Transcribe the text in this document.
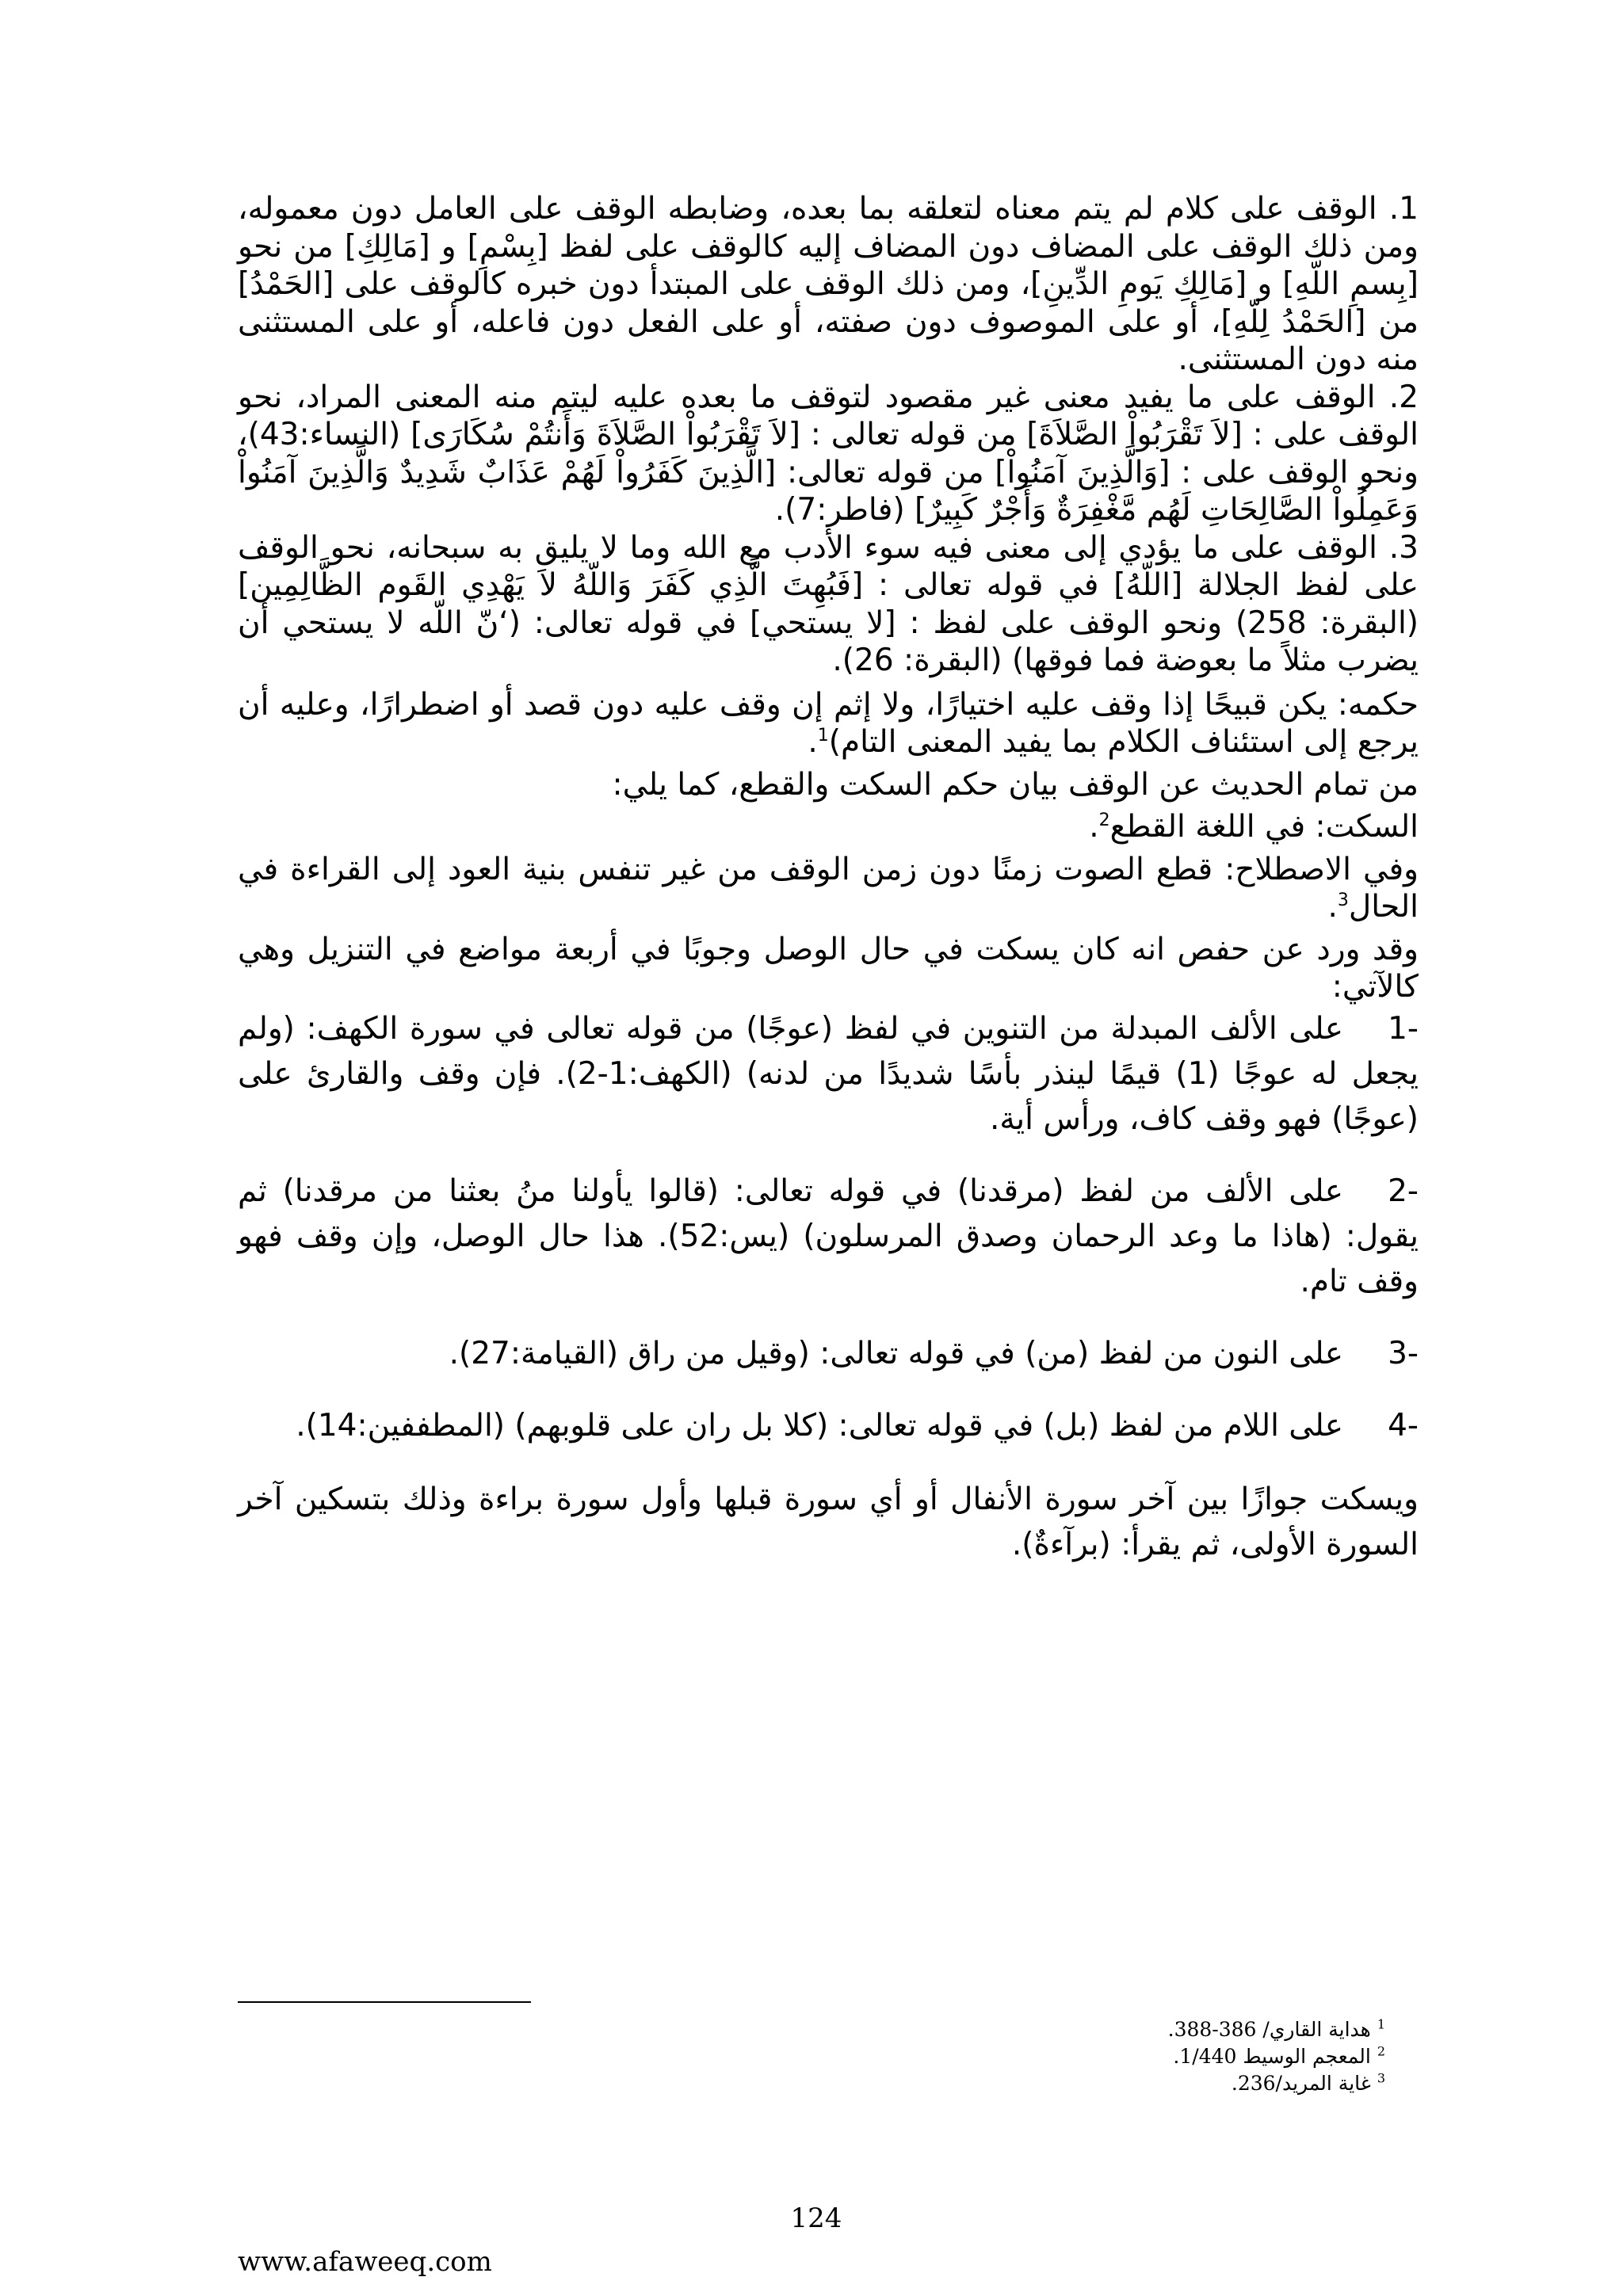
1. الوقف على كلام لم يتم معناه لتعلقه بما بعده، وضابطه الوقف على العامل دون معموله، ومن ذلك الوقف على المضاف دون المضاف إليه كالوقف على لفظ [بِسْمِ] و [مَالِكِ] من نحو [بِسمِ اللّهِ] و [مَالِكِ يَومِ الدِّينِ]، ومن ذلك الوقف على المبتدأ دون خبره كالوقف على [الحَمْدُ] من [الحَمْدُ لِلّهِ]، أو على الموصوف دون صفته، أو على الفعل دون فاعله، أو على المستثنى منه دون المستثنى.

2. الوقف على ما يفيد معنى غير مقصود لتوقف ما بعده عليه ليتم منه المعنى المراد، نحو الوقف على : [لاَ تَقْرَبُواْ الصَّلاَةَ] من قوله تعالى : [لاَ تَقْرَبُواْ الصَّلاَةَ وَأَنتُمْ سُكَارَى] (النساء:43)، ونحو الوقف على : [وَالَّذِينَ آمَنُواْ] من قوله تعالى: [الَّذِينَ كَفَرُواْ لَهُمْ عَذَابٌ شَدِيدٌ وَالَّذِينَ آمَنُواْ وَعَمِلُواْ الصَّالِحَاتِ لَهُم مَّغْفِرَةٌ وَأَجْرٌ كَبِيرٌ] (فاطر:7).

3. الوقف على ما يؤدي إلى معنى فيه سوء الأدب مع الله وما لا يليق به سبحانه، نحو الوقف على لفظ الجلالة [اللّهُ] في قوله تعالى : [فَبُهِتَ الَّذِي كَفَرَ وَاللّهُ لاَ يَهْدِي القَوم الظَّالِمِين] (البقرة: 258) ونحو الوقف على لفظ : [لا يستحي] في قوله تعالى: (‘نّ اللّه لا يستحي أن يضرب مثلاً ما بعوضة فما فوقها) (البقرة: 26).

حكمه: يكن قبيحًا إذا وقف عليه اختيارًا، ولا إثم إن وقف عليه دون قصد أو اضطرارًا، وعليه أن يرجع إلى استئناف الكلام بما يفيد المعنى التام)$^1$.

من تمام الحديث عن الوقف بيان حكم السكت والقطع، كما يلي:

السكت: في اللغة القطع$^2$.

وفي الاصطلاح: قطع الصوت زمنًا دون زمن الوقف من غير تنفس بنية العود إلى القراءة في الحال$^3$.

وقد ورد عن حفص انه كان يسكت في حال الوصل وجوبًا في أربعة مواضع في التنزيل وهي كالآتي:

-1على الألف المبدلة من التنوين في لفظ (عوجًا) من قوله تعالى في سورة الكهف: (ولم يجعل له عوجًا (1) قيمًا لينذر بأسًا شديدًا من لدنه) (الكهف:1-2). فإن وقف والقارئ على (عوجًا) فهو وقف كاف، ورأس أية.
-2على الألف من لفظ (مرقدنا) في قوله تعالى: (قالوا يأولنا منُ بعثنا من مرقدنا) ثم يقول: (هاذا ما وعد الرحمان وصدق المرسلون) (يس:52). هذا حال الوصل، وإن وقف فهو وقف تام.
-3على النون من لفظ (من) في قوله تعالى: (وقيل من راق (القيامة:27).
-4على اللام من لفظ (بل) في قوله تعالى: (كلا بل ران على قلوبهم) (المطففين:14).

ويسكت جوازًا بين آخر سورة الأنفال أو أي سورة قبلها وأول سورة براءة وذلك بتسكين آخر السورة الأولى، ثم يقرأ: (برآءةٌ).

$^1$ هداية القاري/ 386-388.
$^2$ المعجم الوسيط 1/440.
$^3$ غاية المريد/236.
124
www.afaweeq.com
